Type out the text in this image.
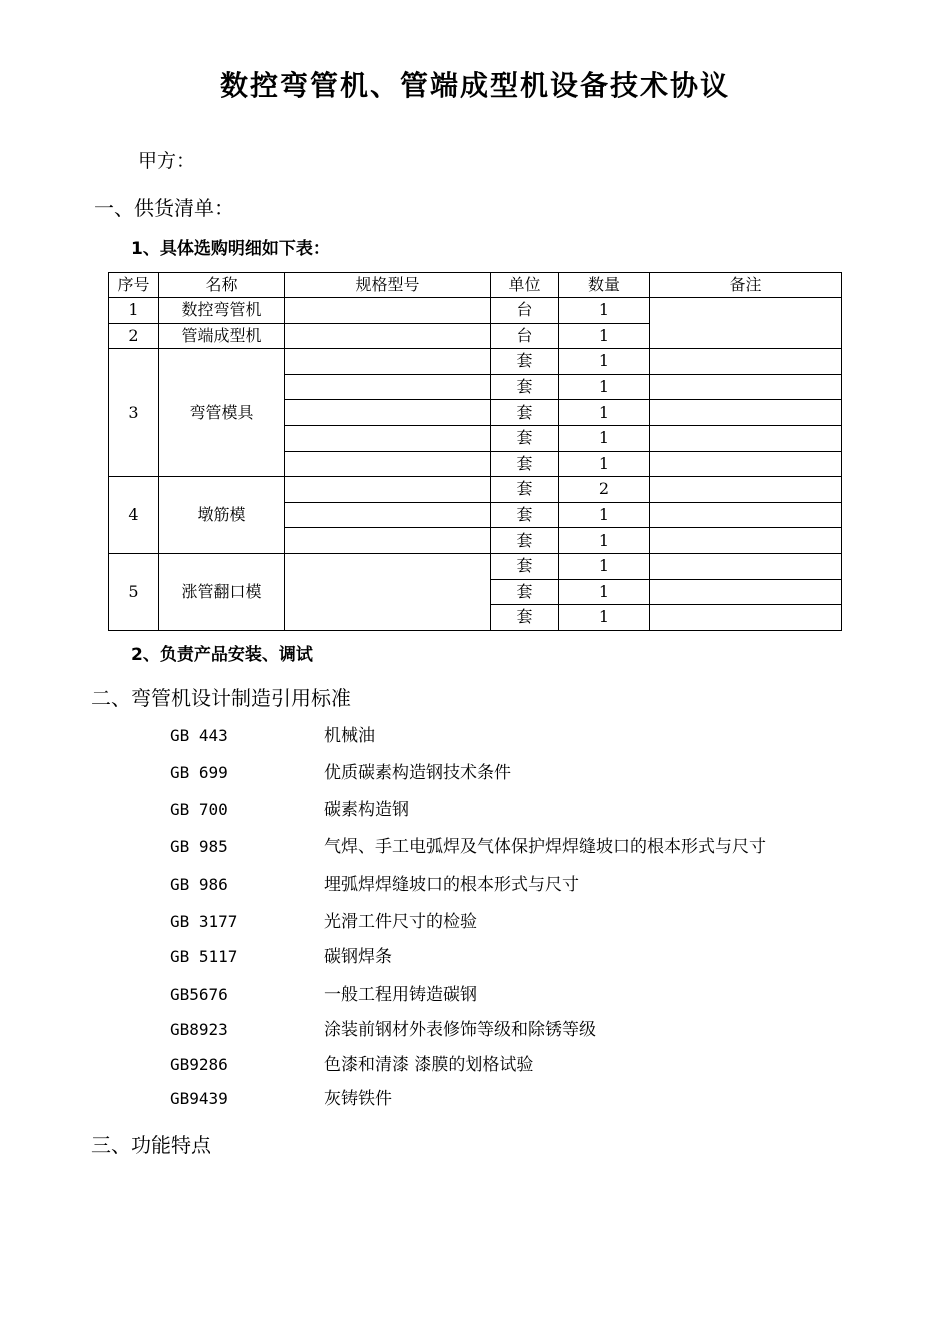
数控弯管机、管端成型机设备技术协议
甲方：
一、供货清单：
1、具体选购明细如下表：
序号	名称	规格型号	单位	数量	备注
1	数控弯管机		台	1	
2	管端成型机		台	1	
3	弯管模具		套	1	
			套	1	
			套	1	
			套	1	
			套	1	
4	墩筋模		套	2	
			套	1	
			套	1	
5	涨管翻口模		套	1	
			套	1	
			套	1	
2、负责产品安装、调试
二、弯管机设计制造引用标准
GB 443	机械油
GB 699	优质碳素构造钢技术条件
GB 700	碳素构造钢
GB 985	气焊、手工电弧焊及气体保护焊焊缝坡口的根本形式与尺寸
GB 986	埋弧焊焊缝坡口的根本形式与尺寸
GB 3177	光滑工件尺寸的检验
GB 5117	碳钢焊条
GB5676	一般工程用铸造碳钢
GB8923	涂装前钢材外表修饰等级和除锈等级
GB9286	色漆和清漆 漆膜的划格试验
GB9439	灰铸铁件
三、功能特点
